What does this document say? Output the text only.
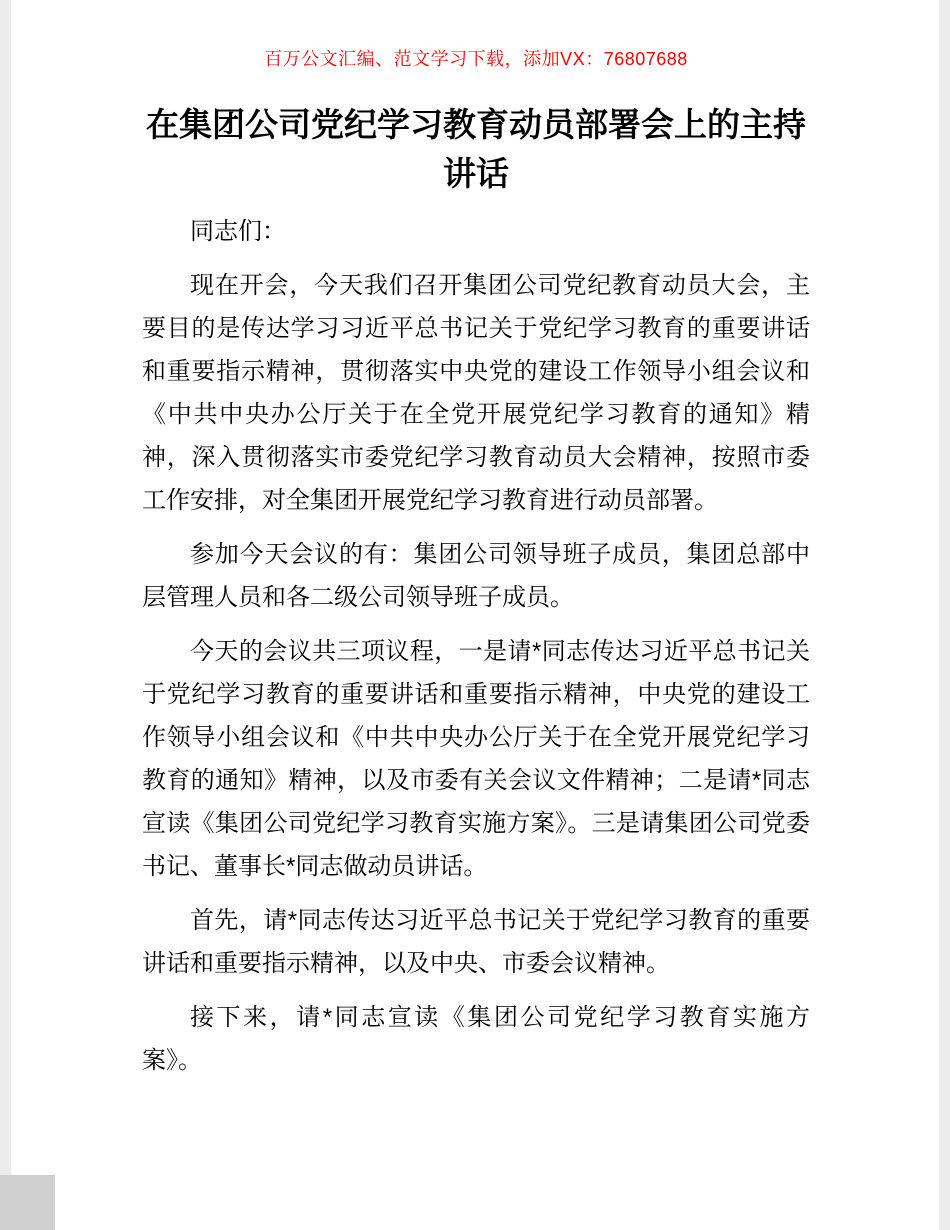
百万公文汇编、范文学习下载，添加VX：76807688
在集团公司党纪学习教育动员部署会上的主持讲话

同志们：

现在开会，今天我们召开集团公司党纪教育动员大会，主要目的是传达学习习近平总书记关于党纪学习教育的重要讲话和重要指示精神，贯彻落实中央党的建设工作领导小组会议和《中共中央办公厅关于在全党开展党纪学习教育的通知》精神，深入贯彻落实市委党纪学习教育动员大会精神，按照市委工作安排，对全集团开展党纪学习教育进行动员部署。

参加今天会议的有：集团公司领导班子成员，集团总部中层管理人员和各二级公司领导班子成员。

今天的会议共三项议程，一是请*同志传达习近平总书记关于党纪学习教育的重要讲话和重要指示精神，中央党的建设工作领导小组会议和《中共中央办公厅关于在全党开展党纪学习教育的通知》精神，以及市委有关会议文件精神；二是请*同志宣读《集团公司党纪学习教育实施方案》。三是请集团公司党委书记、董事长*同志做动员讲话。

首先，请*同志传达习近平总书记关于党纪学习教育的重要讲话和重要指示精神，以及中央、市委会议精神。

接下来，请*同志宣读《集团公司党纪学习教育实施方案》。
